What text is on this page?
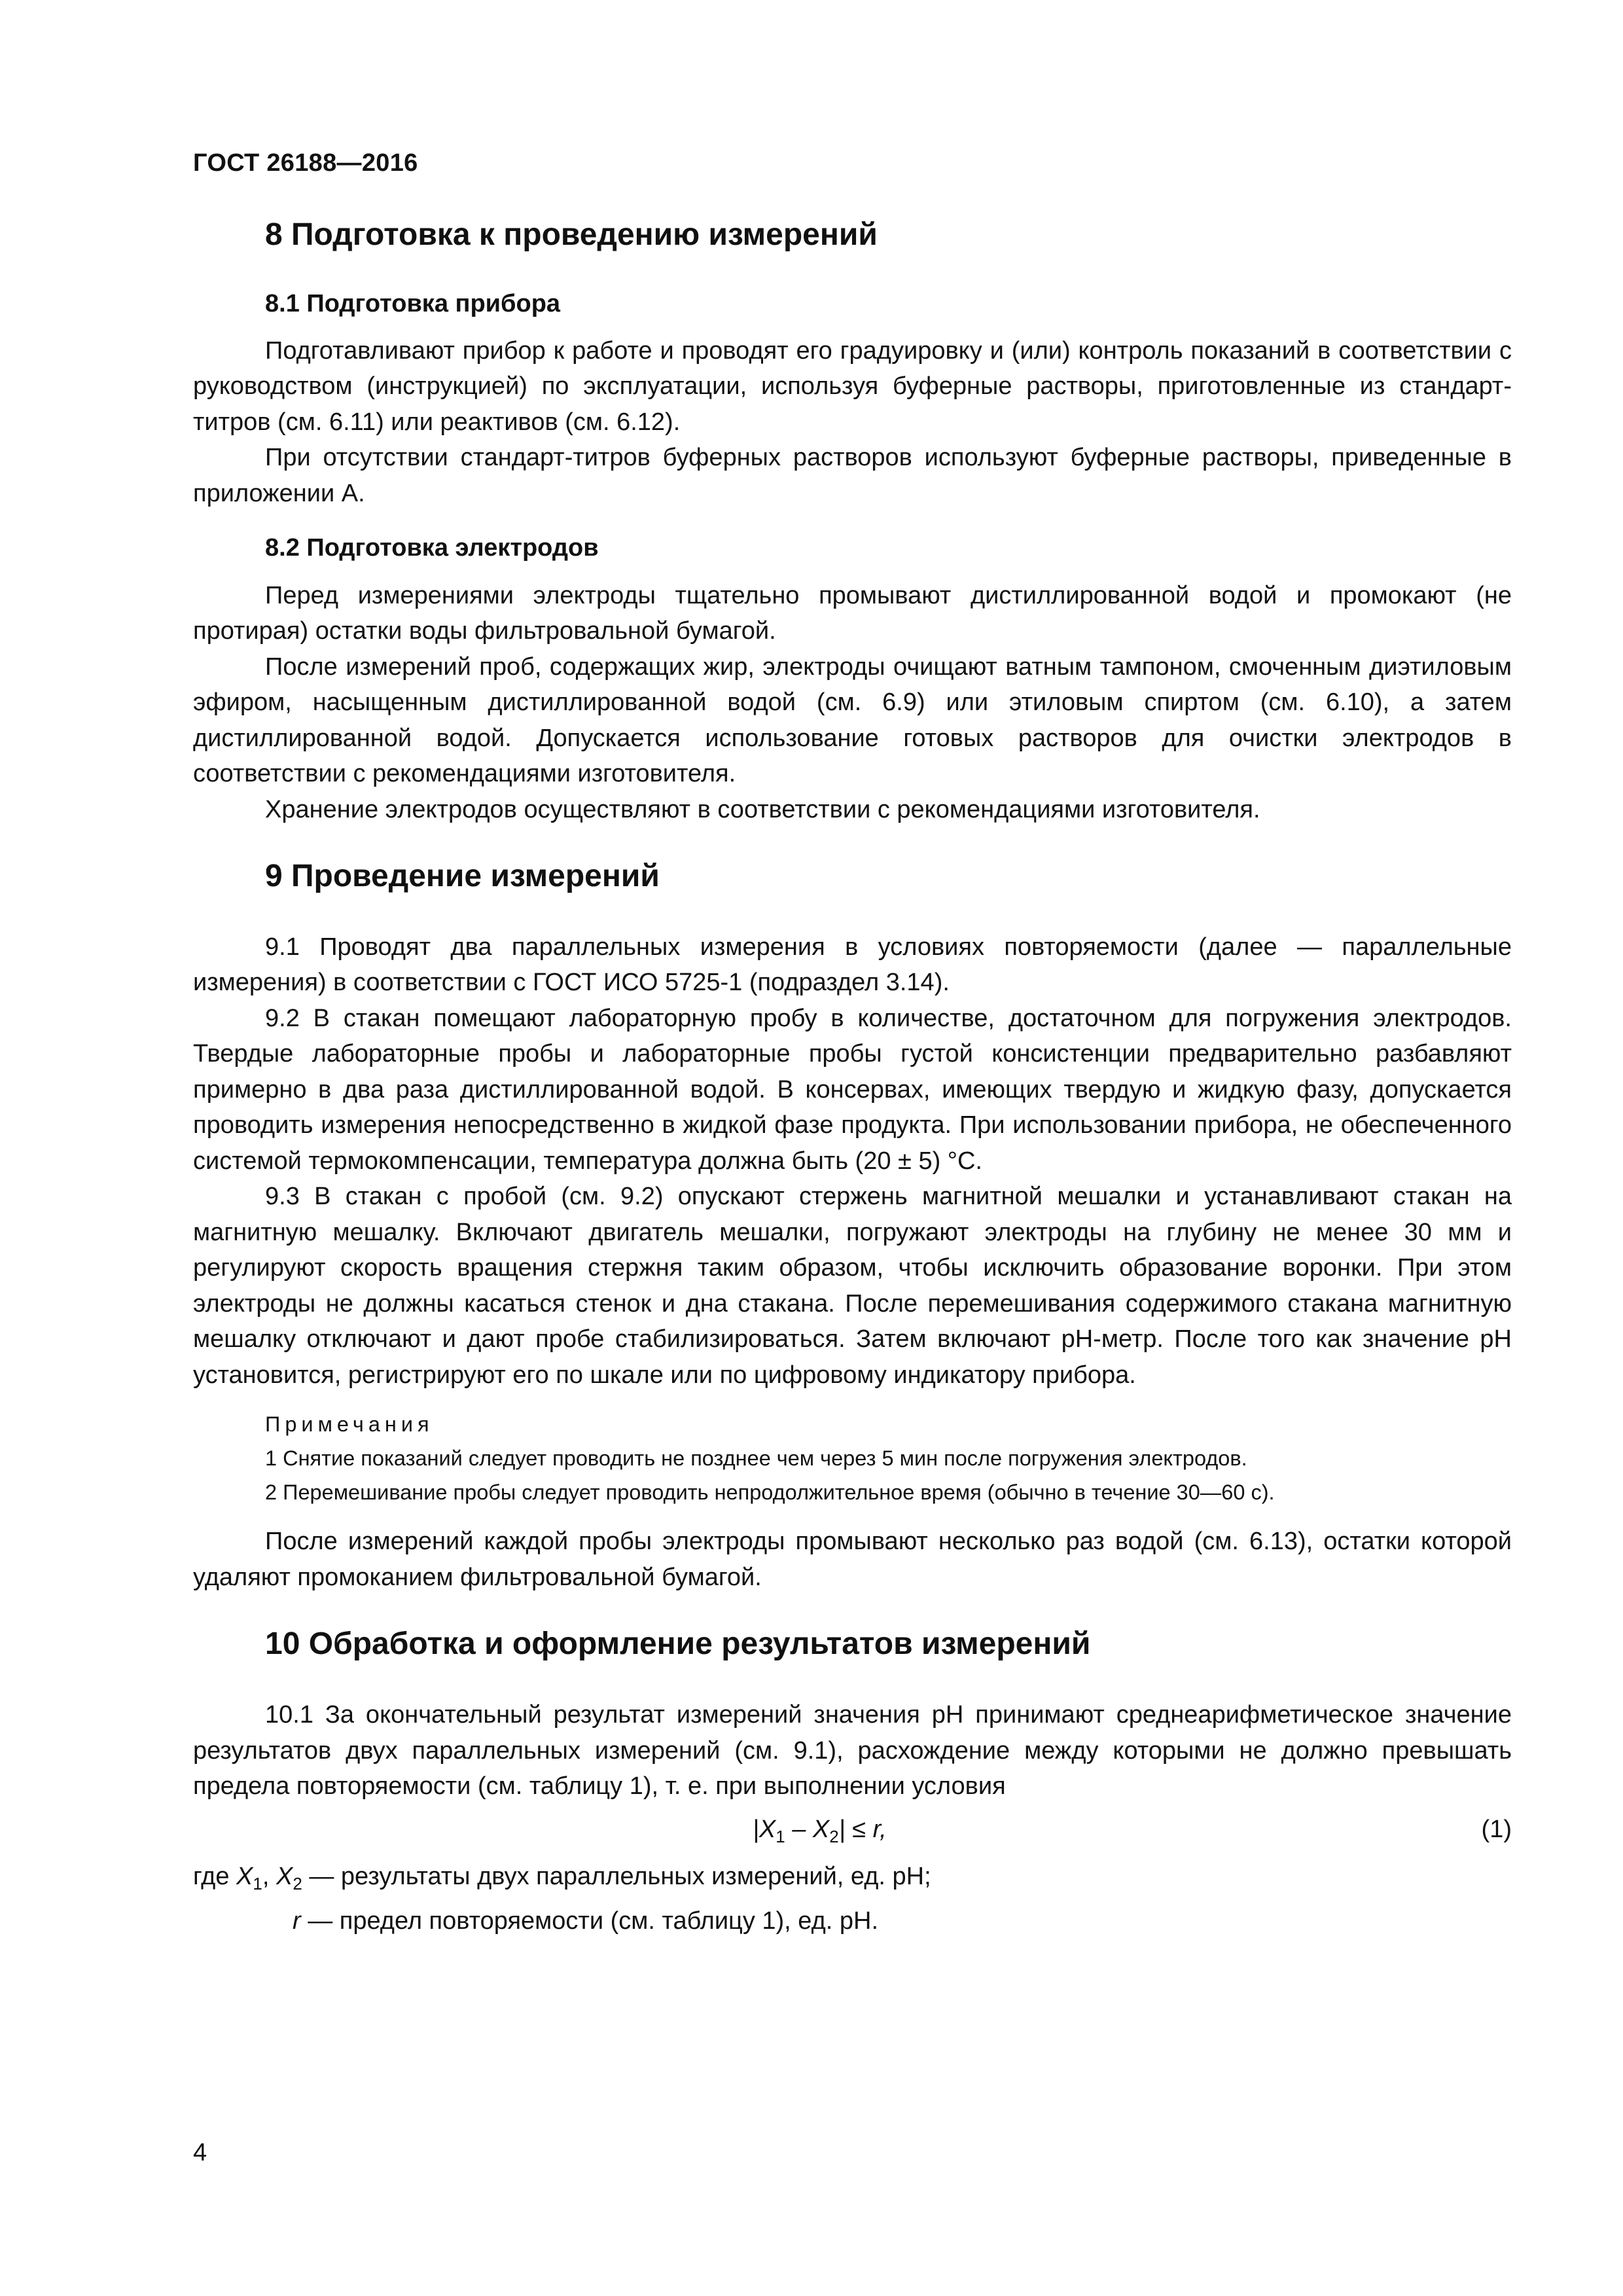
ГОСТ 26188—2016
8 Подготовка к проведению измерений
8.1 Подготовка прибора

Подготавливают прибор к работе и проводят его градуировку и (или) контроль показаний в соответствии с руководством (инструкцией) по эксплуатации, используя буферные растворы, приготовленные из стандарт-титров (см. 6.11) или реактивов (см. 6.12).

При отсутствии стандарт-титров буферных растворов используют буферные растворы, приведенные в приложении А.

8.2 Подготовка электродов

Перед измерениями электроды тщательно промывают дистиллированной водой и промокают (не протирая) остатки воды фильтровальной бумагой.

После измерений проб, содержащих жир, электроды очищают ватным тампоном, смоченным диэтиловым эфиром, насыщенным дистиллированной водой (см. 6.9) или этиловым спиртом (см. 6.10), а затем дистиллированной водой. Допускается использование готовых растворов для очистки электродов в соответствии с рекомендациями изготовителя.

Хранение электродов осуществляют в соответствии с рекомендациями изготовителя.

9 Проведение измерений

9.1 Проводят два параллельных измерения в условиях повторяемости (далее — параллельные измерения) в соответствии с ГОСТ ИСО 5725-1 (подраздел 3.14).

9.2 В стакан помещают лабораторную пробу в количестве, достаточном для погружения электродов. Твердые лабораторные пробы и лабораторные пробы густой консистенции предварительно разбавляют примерно в два раза дистиллированной водой. В консервах, имеющих твердую и жидкую фазу, допускается проводить измерения непосредственно в жидкой фазе продукта. При использовании прибора, не обеспеченного системой термокомпенсации, температура должна быть (20 ± 5) °С.

9.3 В стакан с пробой (см. 9.2) опускают стержень магнитной мешалки и устанавливают стакан на магнитную мешалку. Включают двигатель мешалки, погружают электроды на глубину не менее 30 мм и регулируют скорость вращения стержня таким образом, чтобы исключить образование воронки. При этом электроды не должны касаться стенок и дна стакана. После перемешивания содержимого стакана магнитную мешалку отключают и дают пробе стабилизироваться. Затем включают рН-метр. После того как значение рН установится, регистрируют его по шкале или по цифровому индикатору прибора.

Примечания
1 Снятие показаний следует проводить не позднее чем через 5 мин после погружения электродов.
2 Перемешивание пробы следует проводить непродолжительное время (обычно в течение 30—60 с).

После измерений каждой пробы электроды промывают несколько раз водой (см. 6.13), остатки которой удаляют промоканием фильтровальной бумагой.

10 Обработка и оформление результатов измерений

10.1 За окончательный результат измерений значения рН принимают среднеарифметическое значение результатов двух параллельных измерений (см. 9.1), расхождение между которыми не должно превышать предела повторяемости (см. таблицу 1), т. е. при выполнении условия

$|X_1 - X_2| \le r$,	(1)
где $X_1$, $X_2$ — результаты двух параллельных измерений, ед. рН;
r — предел повторяемости (см. таблицу 1), ед. рН.
4
